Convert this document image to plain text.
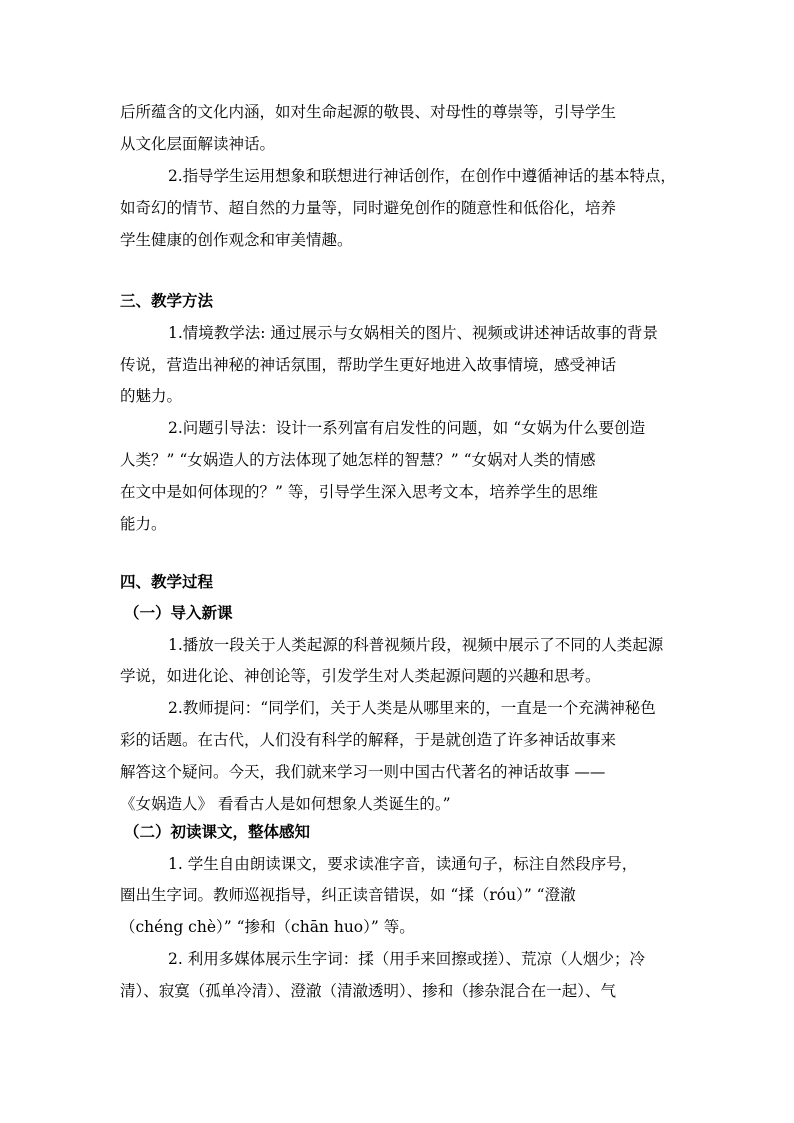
后所蕴含的文化内涵，如对生命起源的敬畏、对母性的尊崇等，引导学生
从文化层面解读神话。
2.指导学生运用想象和联想进行神话创作，在创作中遵循神话的基本特点，
如奇幻的情节、超自然的力量等，同时避免创作的随意性和低俗化，培养
学生健康的创作观念和审美情趣。
三、教学方法
1.情境教学法: 通过展示与女娲相关的图片、视频或讲述神话故事的背景
传说，营造出神秘的神话氛围，帮助学生更好地进入故事情境，感受神话
的魅力。
2.问题引导法：设计一系列富有启发性的问题，如 “女娲为什么要创造
人类？” “女娲造人的方法体现了她怎样的智慧？” “女娲对人类的情感
在文中是如何体现的？” 等，引导学生深入思考文本，培养学生的思维
能力。
四、教学过程
（一）导入新课
1.播放一段关于人类起源的科普视频片段，视频中展示了不同的人类起源
学说，如进化论、神创论等，引发学生对人类起源问题的兴趣和思考。
2.教师提问：“同学们，关于人类是从哪里来的，一直是一个充满神秘色
彩的话题。在古代，人们没有科学的解释，于是就创造了许多神话故事来
解答这个疑问。今天，我们就来学习一则中国古代著名的神话故事 ——
《女娲造人》 看看古人是如何想象人类诞生的。”
（二）初读课文，整体感知
1. 学生自由朗读课文，要求读准字音，读通句子，标注自然段序号，
圈出生字词。教师巡视指导，纠正读音错误，如 “揉（róu）” “澄澈
（chéng chè）” “掺和（chān huo）” 等。
2. 利用多媒体展示生字词：揉（用手来回擦或搓）、荒凉（人烟少；冷
清）、寂寞（孤单冷清）、澄澈（清澈透明）、掺和（掺杂混合在一起）、气
